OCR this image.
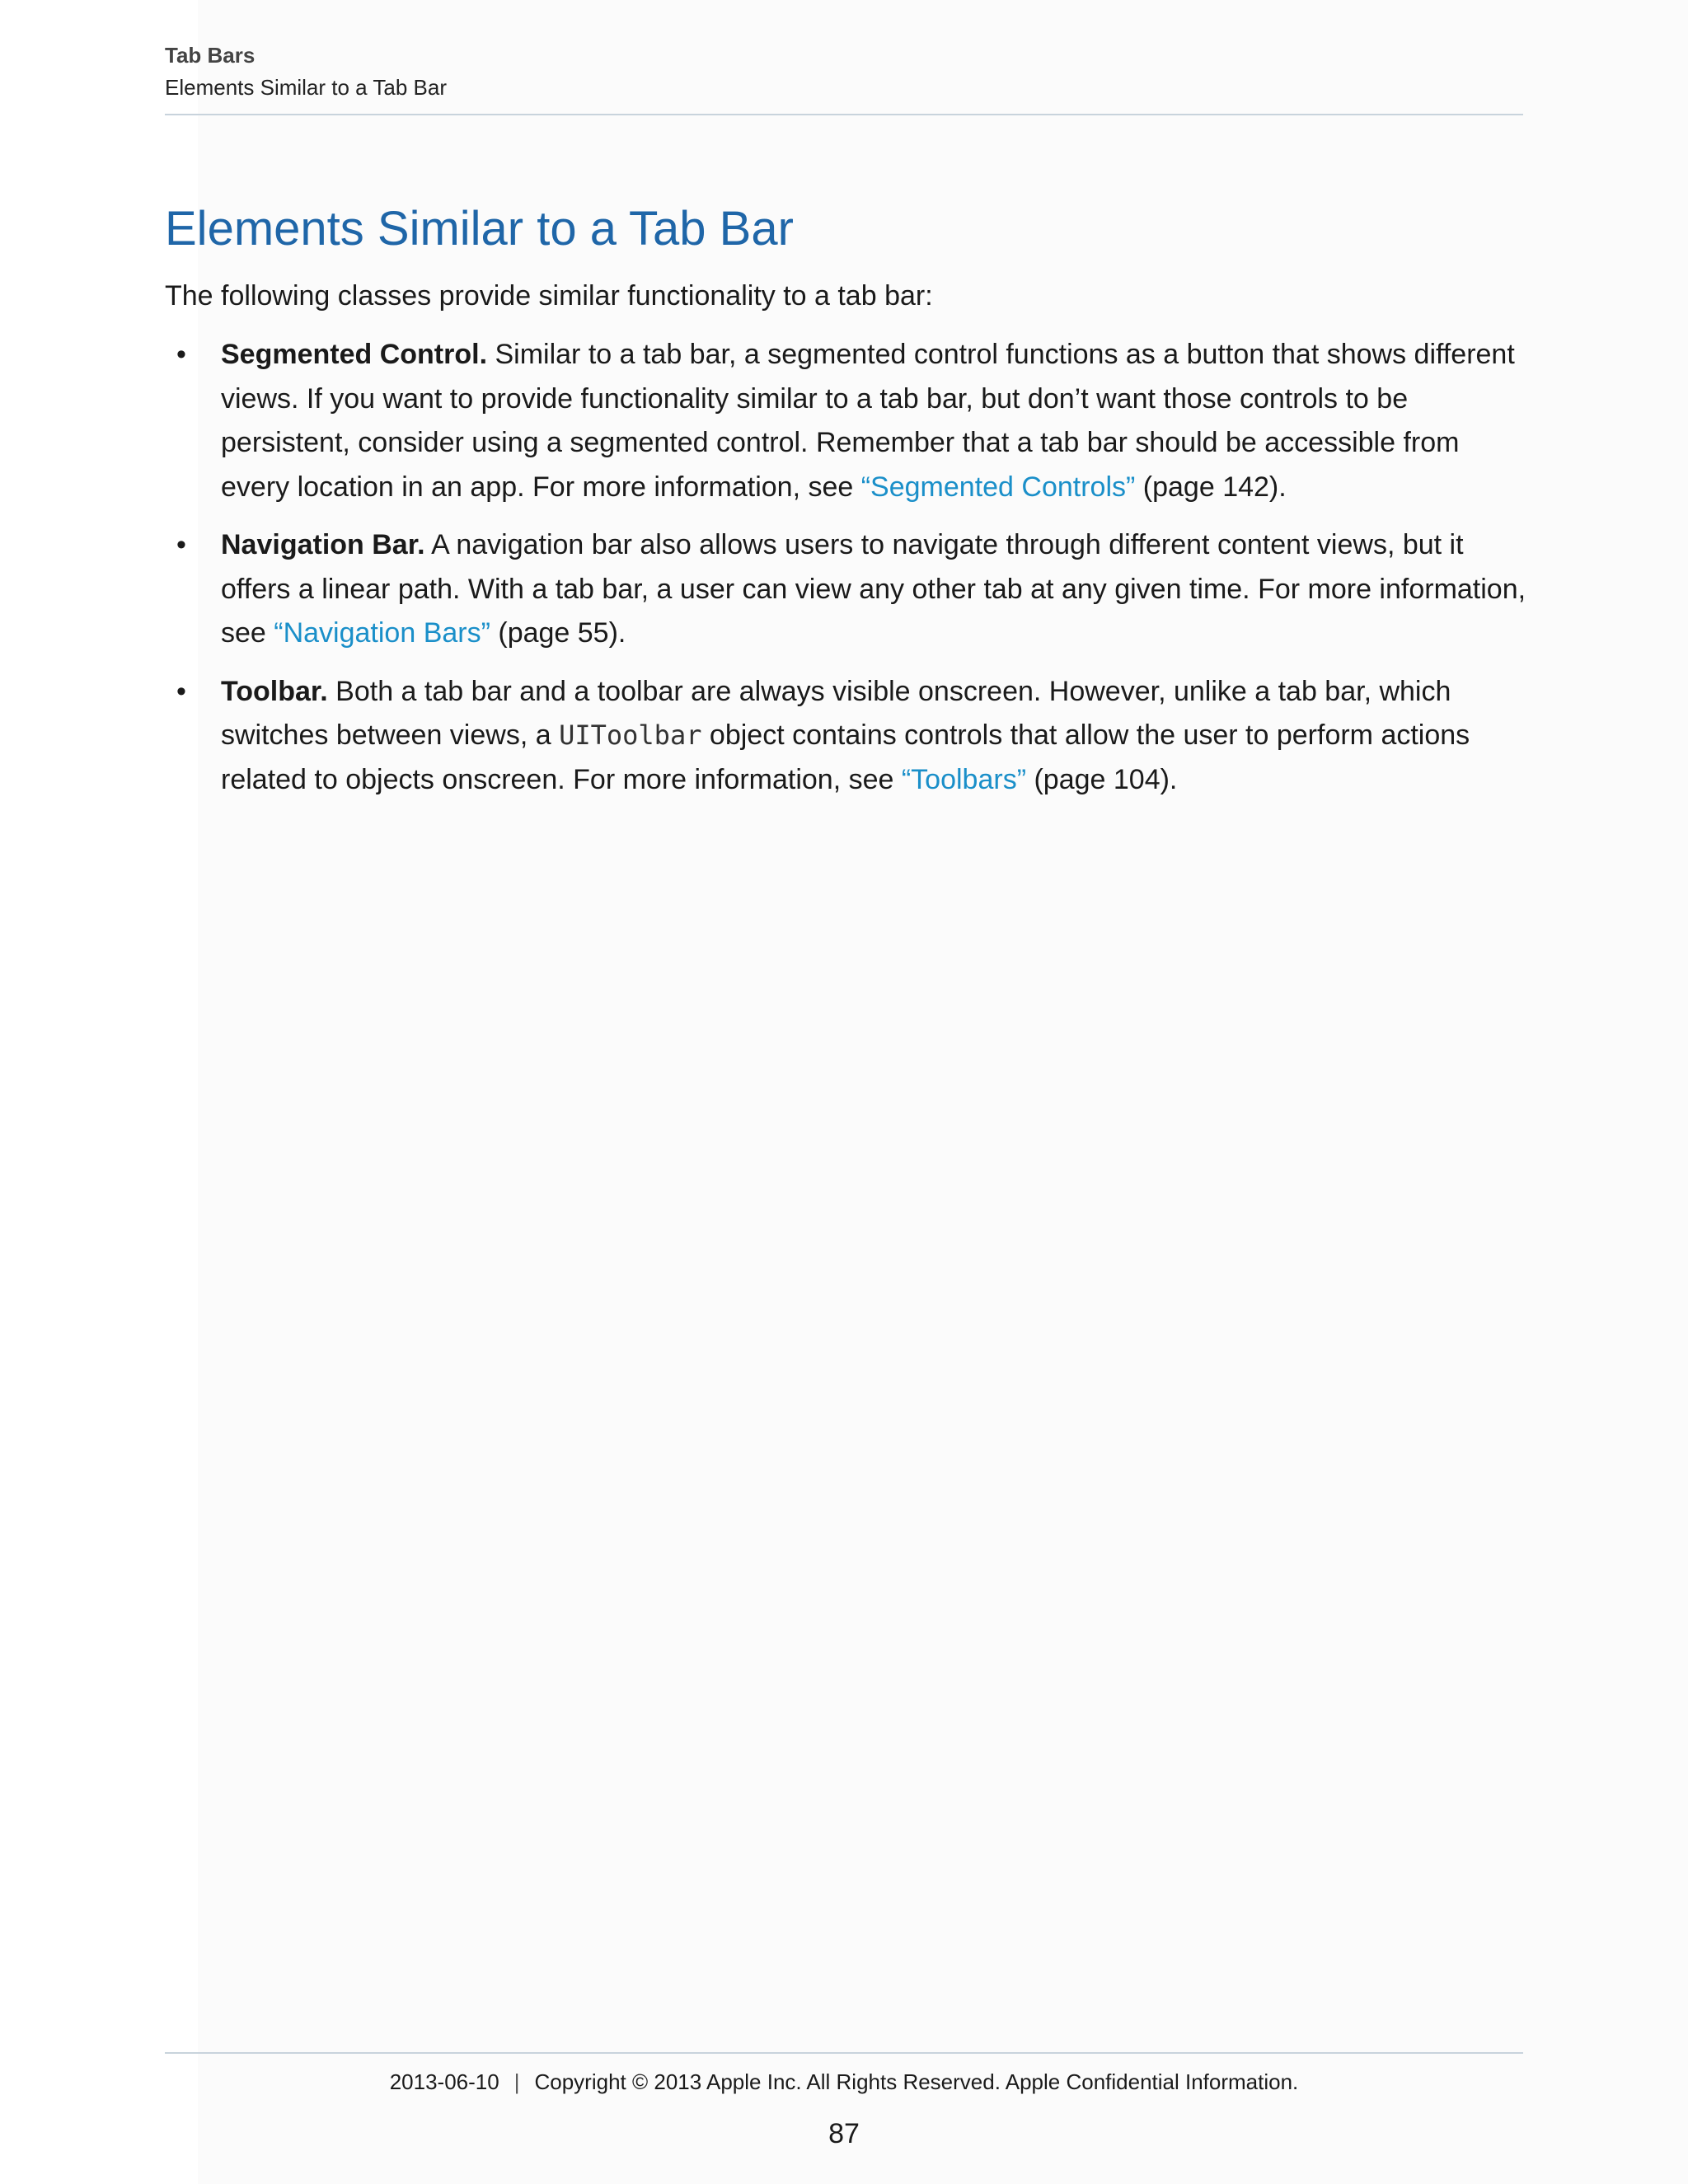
Tab Bars
Elements Similar to a Tab Bar
Elements Similar to a Tab Bar

The following classes provide similar functionality to a tab bar:

• Segmented Control. Similar to a tab bar, a segmented control functions as a button that shows different views. If you want to provide functionality similar to a tab bar, but don’t want those controls to be persistent, consider using a segmented control. Remember that a tab bar should be accessible from every location in an app. For more information, see “Segmented Controls” (page 142).
• Navigation Bar. A navigation bar also allows users to navigate through different content views, but it offers a linear path. With a tab bar, a user can view any other tab at any given time. For more information, see “Navigation Bars” (page 55).
• Toolbar. Both a tab bar and a toolbar are always visible onscreen. However, unlike a tab bar, which switches between views, a UIToolbar object contains controls that allow the user to perform actions related to objects onscreen. For more information, see “Toolbars” (page 104).
2013-06-10 | Copyright © 2013 Apple Inc. All Rights Reserved. Apple Confidential Information.
87
